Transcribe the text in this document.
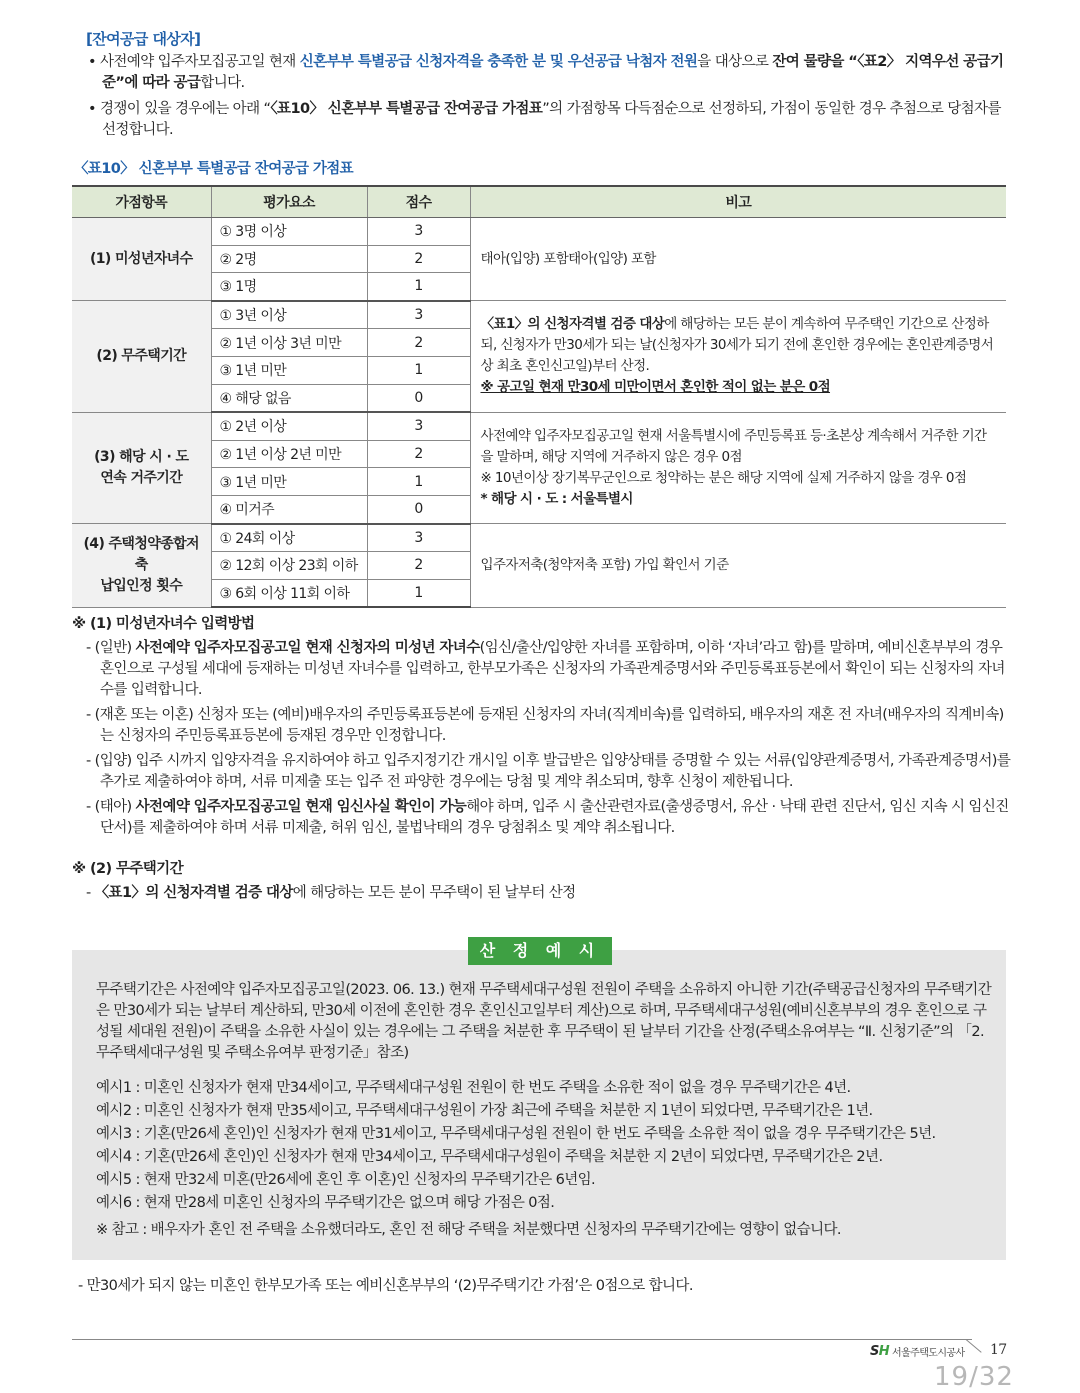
[잔여공급 대상자]

• 사전예약 입주자모집공고일 현재 신혼부부 특별공급 신청자격을 충족한 분 및 우선공급 낙첨자 전원을 대상으로 잔여 물량을 “〈표2〉 지역우선 공급기준”에 따라 공급합니다.

• 경쟁이 있을 경우에는 아래 “〈표10〉 신혼부부 특별공급 잔여공급 가점표”의 가점항목 다득점순으로 선정하되, 가점이 동일한 경우 추첨으로 당첨자를 선정합니다.

〈표10〉 신혼부부 특별공급 잔여공급 가점표
가점항목	평가요소	점수	비고
(1) 미성년자녀수	① 3명 이상	3	태아(입양) 포함태아(입양) 포함
	② 2명	2	
	③ 1명	1	
(2) 무주택기간	① 3년 이상	3	〈표1〉의 신청자격별 검증 대상에 해당하는 모든 분이 계속하여 무주택인 기간으로 산정하되, 신청자가 만30세가 되는 날(신청자가 30세가 되기 전에 혼인한 경우에는 혼인관계증명서상 최초 혼인신고일)부터 산정.
※ 공고일 현재 만30세 미만이면서 혼인한 적이 없는 분은 0점
	② 1년 이상 3년 미만	2	
	③ 1년 미만	1	
	④ 해당 없음	0	
(3) 해당 시 · 도
연속 거주기간	① 2년 이상	3	사전예약 입주자모집공고일 현재 서울특별시에 주민등록표 등·초본상 계속해서 거주한 기간을 말하며, 해당 지역에 거주하지 않은 경우 0점
※ 10년이상 장기복무군인으로 청약하는 분은 해당 지역에 실제 거주하지 않을 경우 0점
* 해당 시 · 도 : 서울특별시
	② 1년 이상 2년 미만	2	
	③ 1년 미만	1	
	④ 미거주	0	
(4) 주택청약종합저축
납입인정 횟수	① 24회 이상	3	입주자저축(청약저축 포함) 가입 확인서 기준
	② 12회 이상 23회 이하	2	
	③ 6회 이상 11회 이하	1	
※ (1) 미성년자녀수 입력방법
- (일반) 사전예약 입주자모집공고일 현재 신청자의 미성년 자녀수(임신/출산/입양한 자녀를 포함하며, 이하 ‘자녀’라고 함)를 말하며, 예비신혼부부의 경우 혼인으로 구성될 세대에 등재하는 미성년 자녀수를 입력하고, 한부모가족은 신청자의 가족관계증명서와 주민등록표등본에서 확인이 되는 신청자의 자녀수를 입력합니다.
- (재혼 또는 이혼) 신청자 또는 (예비)배우자의 주민등록표등본에 등재된 신청자의 자녀(직계비속)를 입력하되, 배우자의 재혼 전 자녀(배우자의 직계비속)는 신청자의 주민등록표등본에 등재된 경우만 인정합니다.
- (입양) 입주 시까지 입양자격을 유지하여야 하고 입주지정기간 개시일 이후 발급받은 입양상태를 증명할 수 있는 서류(입양관계증명서, 가족관계증명서)를 추가로 제출하여야 하며, 서류 미제출 또는 입주 전 파양한 경우에는 당첨 및 계약 취소되며, 향후 신청이 제한됩니다.
- (태아) 사전예약 입주자모집공고일 현재 임신사실 확인이 가능해야 하며, 입주 시 출산관련자료(출생증명서, 유산 · 낙태 관련 진단서, 임신 지속 시 임신진단서)를 제출하여야 하며 서류 미제출, 허위 임신, 불법낙태의 경우 당첨취소 및 계약 취소됩니다.
※ (2) 무주택기간
- 〈표1〉의 신청자격별 검증 대상에 해당하는 모든 분이 무주택이 된 날부터 산정
산 정 예 시
무주택기간은 사전예약 입주자모집공고일(2023. 06. 13.) 현재 무주택세대구성원 전원이 주택을 소유하지 아니한 기간(주택공급신청자의 무주택기간은 만30세가 되는 날부터 계산하되, 만30세 이전에 혼인한 경우 혼인신고일부터 계산)으로 하며, 무주택세대구성원(예비신혼부부의 경우 혼인으로 구성될 세대원 전원)이 주택을 소유한 사실이 있는 경우에는 그 주택을 처분한 후 무주택이 된 날부터 기간을 산정(주택소유여부는 “Ⅱ. 신청기준”의 「2.무주택세대구성원 및 주택소유여부 판정기준」참조)
예시1 : 미혼인 신청자가 현재 만34세이고, 무주택세대구성원 전원이 한 번도 주택을 소유한 적이 없을 경우 무주택기간은 4년.
예시2 : 미혼인 신청자가 현재 만35세이고, 무주택세대구성원이 가장 최근에 주택을 처분한 지 1년이 되었다면, 무주택기간은 1년.
예시3 : 기혼(만26세 혼인)인 신청자가 현재 만31세이고, 무주택세대구성원 전원이 한 번도 주택을 소유한 적이 없을 경우 무주택기간은 5년.
예시4 : 기혼(만26세 혼인)인 신청자가 현재 만34세이고, 무주택세대구성원이 주택을 처분한 지 2년이 되었다면, 무주택기간은 2년.
예시5 : 현재 만32세 미혼(만26세에 혼인 후 이혼)인 신청자의 무주택기간은 6년임.
예시6 : 현재 만28세 미혼인 신청자의 무주택기간은 없으며 해당 가점은 0점.
※ 참고 : 배우자가 혼인 전 주택을 소유했더라도, 혼인 전 해당 주택을 처분했다면 신청자의 무주택기간에는 영향이 없습니다.
- 만30세가 되지 않는 미혼인 한부모가족 또는 예비신혼부부의 ‘(2)무주택기간 가점’은 0점으로 합니다.
SH 서울주택도시공사 17
19/32
